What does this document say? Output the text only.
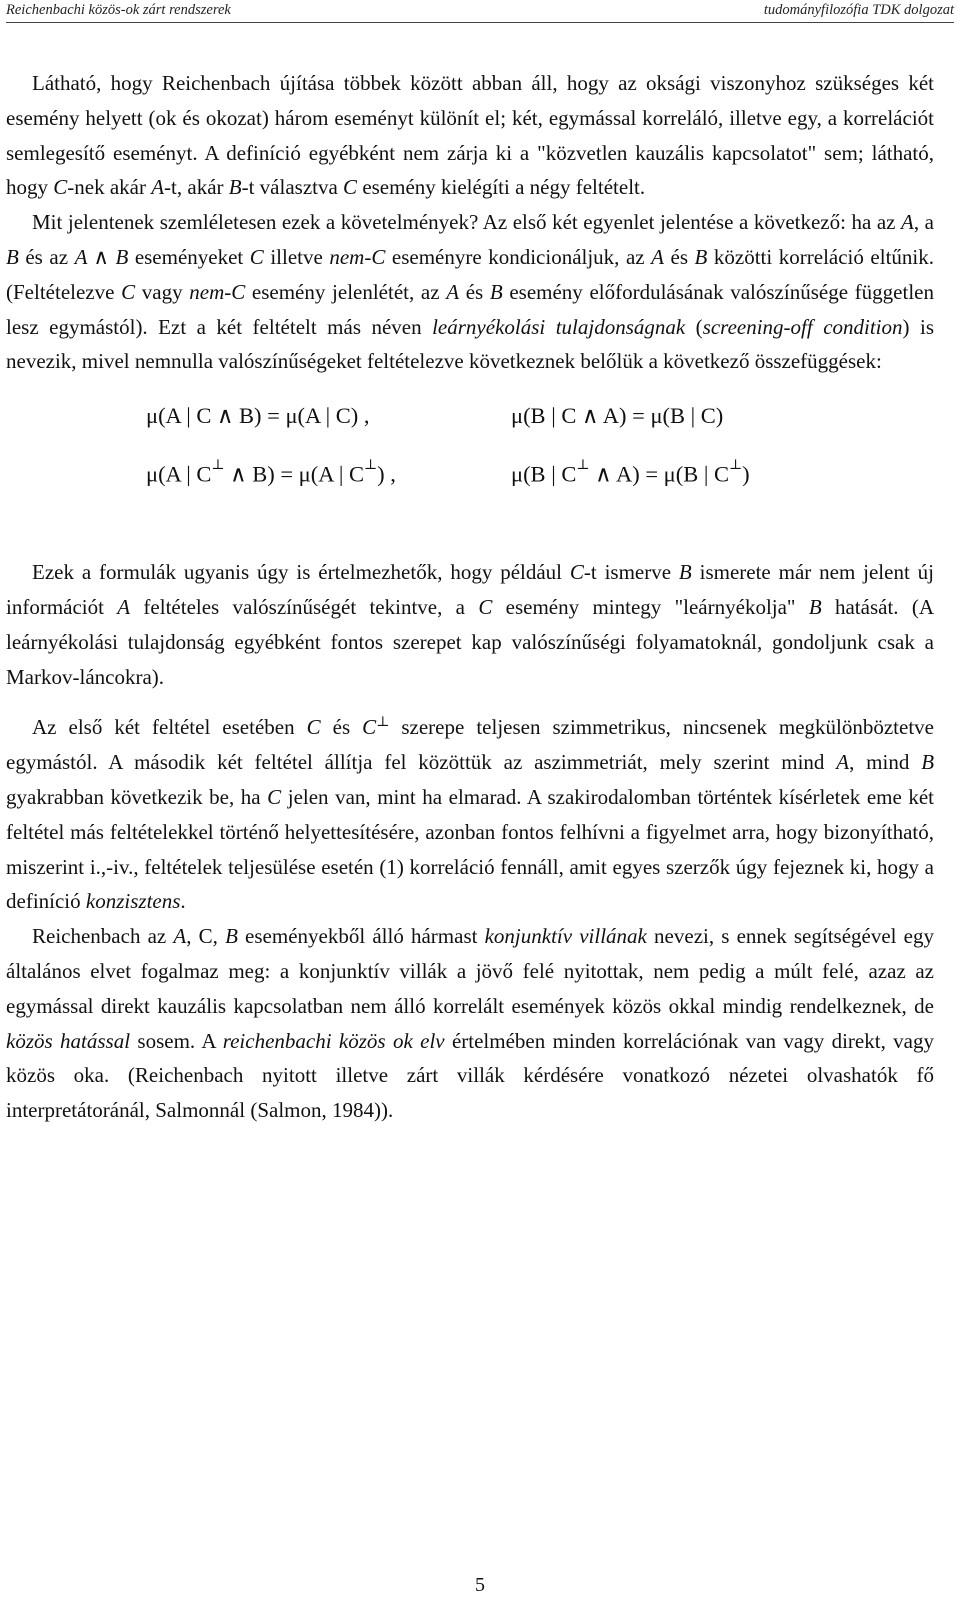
Reichenbachi közös-ok zárt rendszerek	tudományfilozófia TDK dolgozat

Látható, hogy Reichenbach újítása többek között abban áll, hogy az oksági viszonyhoz szükséges két esemény helyett (ok és okozat) három eseményt különít el; két, egymással korreláló, illetve egy, a korrelációt semlegesítő eseményt. A definíció egyébként nem zárja ki a "közvetlen kauzális kapcsolatot" sem; látható, hogy C-nek akár A-t, akár B-t választva C esemény kielégíti a négy feltételt.

Mit jelentenek szemléletesen ezek a követelmények? Az első két egyenlet jelentése a következő: ha az A, a B és az A ∧ B eseményeket C illetve nem-C eseményre kondicionáljuk, az A és B közötti korreláció eltűnik. (Feltételezve C vagy nem-C esemény jelenlétét, az A és B esemény előfordulásának valószínűsége független lesz egymástól). Ezt a két feltételt más néven leárnyékolási tulajdonságnak (screening-off condition) is nevezik, mivel nemnulla valószínűségeket feltételezve következnek belőlük a következő összefüggések:

μ(A | C ∧ B) = μ(A | C) ,	μ(B | C ∧ A) = μ(B | C)
μ(A | C⊥ ∧ B) = μ(A | C⊥) ,	μ(B | C⊥ ∧ A) = μ(B | C⊥)

Ezek a formulák ugyanis úgy is értelmezhetők, hogy például C-t ismerve B ismerete már nem jelent új információt A feltételes valószínűségét tekintve, a C esemény mintegy "leárnyékolja" B hatását. (A leárnyékolási tulajdonság egyébként fontos szerepet kap valószínűségi folyamatoknál, gondoljunk csak a Markov-láncokra).

Az első két feltétel esetében C és C⊥ szerepe teljesen szimmetrikus, nincsenek megkülönböztetve egymástól. A második két feltétel állítja fel közöttük az aszimmetriát, mely szerint mind A, mind B gyakrabban következik be, ha C jelen van, mint ha elmarad. A szakirodalomban történtek kísérletek eme két feltétel más feltételekkel történő helyettesítésére, azonban fontos felhívni a figyelmet arra, hogy bizonyítható, miszerint i.,-iv., feltételek teljesülése esetén (1) korreláció fennáll, amit egyes szerzők úgy fejeznek ki, hogy a definíció konzisztens.

Reichenbach az A, C, B eseményekből álló hármast konjunktív villának nevezi, s ennek segítségével egy általános elvet fogalmaz meg: a konjunktív villák a jövő felé nyitottak, nem pedig a múlt felé, azaz az egymással direkt kauzális kapcsolatban nem álló korrelált események közös okkal mindig rendelkeznek, de közös hatással sosem. A reichenbachi közös ok elv értelmében minden korrelációnak van vagy direkt, vagy közös oka. (Reichenbach nyitott illetve zárt villák kérdésére vonatkozó nézetei olvashatók fő interpretátoránál, Salmonnál (Salmon, 1984)).

5
